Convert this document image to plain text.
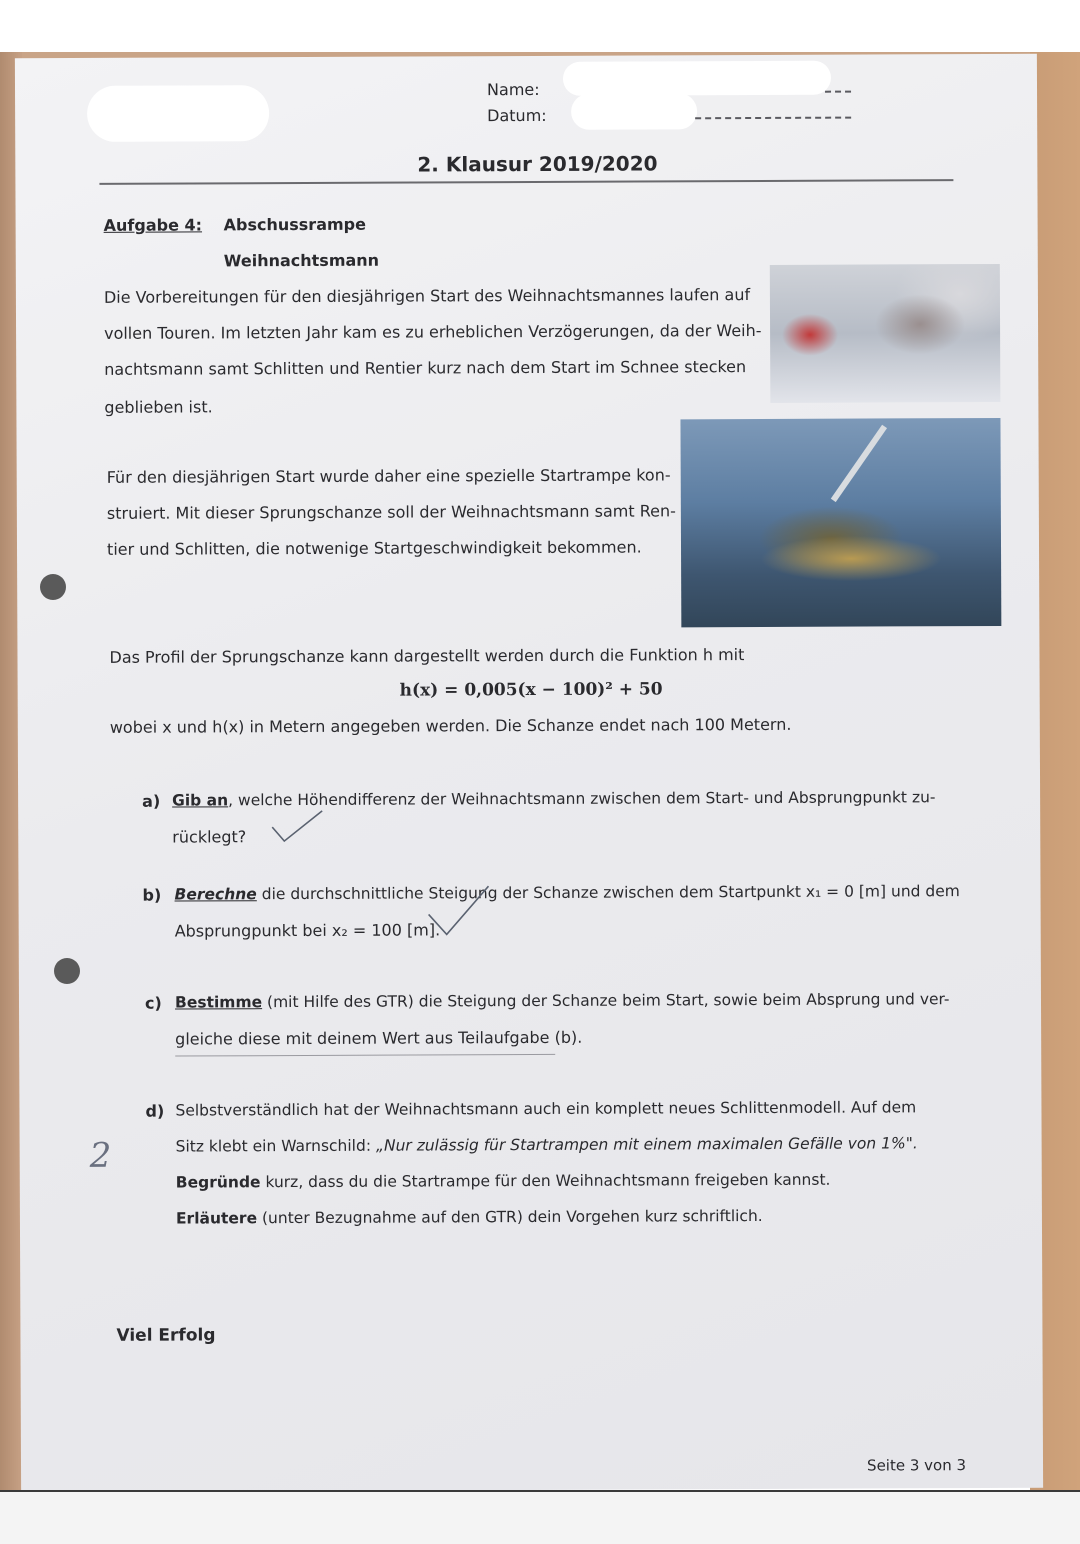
Name:
Datum:
2. Klausur 2019/2020
Aufgabe 4: Abschussrampe
Weihnachtsmann
Die Vorbereitungen für den diesjährigen Start des Weihnachtsmannes laufen auf
vollen Touren. Im letzten Jahr kam es zu erheblichen Verzögerungen, da der Weih-
nachtsmann samt Schlitten und Rentier kurz nach dem Start im Schnee stecken
geblieben ist.
Für den diesjährigen Start wurde daher eine spezielle Startrampe kon-
struiert. Mit dieser Sprungschanze soll der Weihnachtsmann samt Ren-
tier und Schlitten, die notwenige Startgeschwindigkeit bekommen.
Das Profil der Sprungschanze kann dargestellt werden durch die Funktion h mit
h(x) = 0,005(x − 100)² + 50
wobei x und h(x) in Metern angegeben werden. Die Schanze endet nach 100 Metern.
a) Gib an, welche Höhendifferenz der Weihnachtsmann zwischen dem Start- und Absprungpunkt zu-
rücklegt?
b) Berechne die durchschnittliche Steigung der Schanze zwischen dem Startpunkt x₁ = 0 [m] und dem
Absprungpunkt bei x₂ = 100 [m].
c) Bestimme (mit Hilfe des GTR) die Steigung der Schanze beim Start, sowie beim Absprung und ver-
gleiche diese mit deinem Wert aus Teilaufgabe (b).
d) Selbstverständlich hat der Weihnachtsmann auch ein komplett neues Schlittenmodell. Auf dem
Sitz klebt ein Warnschild: „Nur zulässig für Startrampen mit einem maximalen Gefälle von 1%".
Begründe kurz, dass du die Startrampe für den Weihnachtsmann freigeben kannst.
Erläutere (unter Bezugnahme auf den GTR) dein Vorgehen kurz schriftlich.
2
Viel Erfolg
Seite 3 von 3
